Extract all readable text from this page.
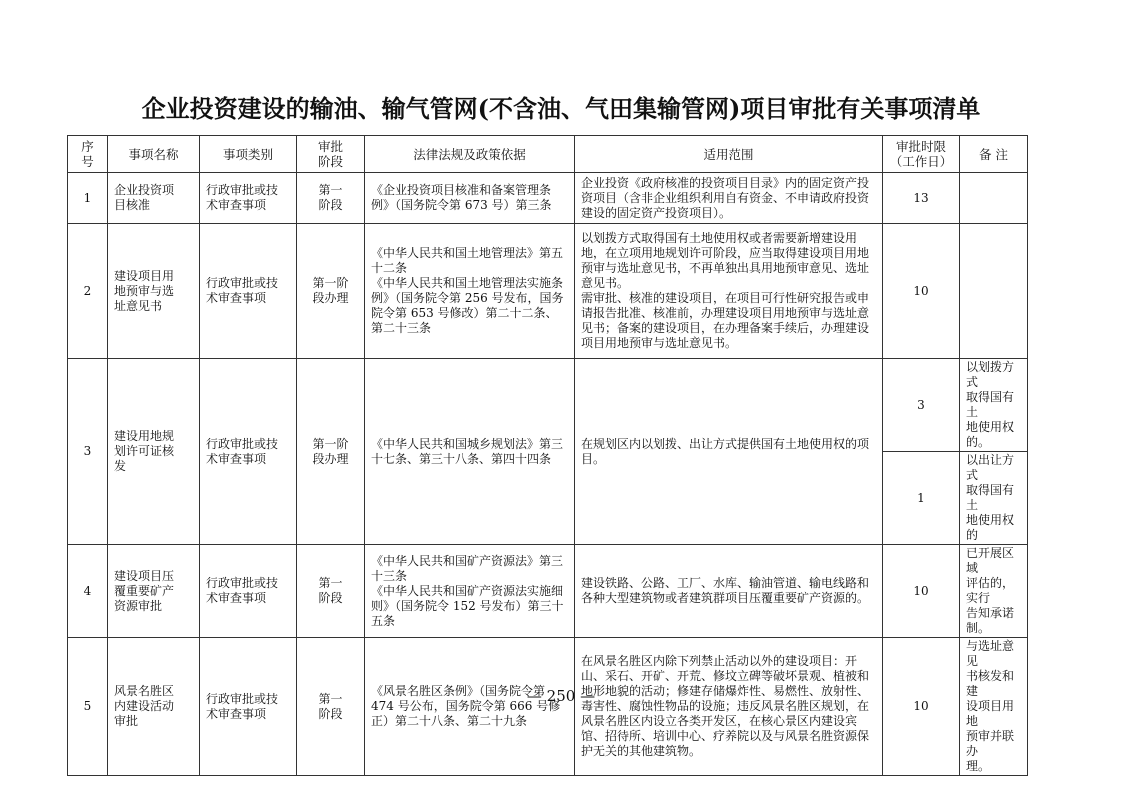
企业投资建设的输油、输气管网(不含油、气田集输管网)项目审批有关事项清单
序
号	事项名称	事项类别	审批
阶段	法律法规及政策依据	适用范围	审批时限
（工作日）	备 注
1	企业投资项
目核准	行政审批或技
术审查事项	第一
阶段	《企业投资项目核准和备案管理条例》（国务院令第 673 号）第三条	企业投资《政府核准的投资项目目录》内的固定资产投资项目（含非企业组织利用自有资金、不申请政府投资建设的固定资产投资项目）。	13	
2	建设项目用
地预审与选
址意见书	行政审批或技
术审查事项	第一阶
段办理	《中华人民共和国土地管理法》第五十二条
《中华人民共和国土地管理法实施条例》（国务院令第 256 号发布，国务院令第 653 号修改）第二十二条、第二十三条	以划拨方式取得国有土地使用权或者需要新增建设用地，在立项用地规划许可阶段，应当取得建设项目用地预审与选址意见书，不再单独出具用地预审意见、选址意见书。
需审批、核准的建设项目，在项目可行性研究报告或申请报告批准、核准前，办理建设项目用地预审与选址意见书；备案的建设项目，在办理备案手续后，办理建设项目用地预审与选址意见书。	10	
3	建设用地规
划许可证核
发	行政审批或技
术审查事项	第一阶
段办理	《中华人民共和国城乡规划法》第三十七条、第三十八条、第四十四条	在规划区内以划拨、出让方式提供国有土地使用权的项目。	3	以划拨方式
取得国有土
地使用权的。
						1	以出让方式
取得国有土
地使用权的
4	建设项目压
覆重要矿产
资源审批	行政审批或技
术审查事项	第一
阶段	《中华人民共和国矿产资源法》第三十三条
《中华人民共和国矿产资源法实施细则》（国务院令 152 号发布）第三十五条	建设铁路、公路、工厂、水库、输油管道、输电线路和各种大型建筑物或者建筑群项目压覆重要矿产资源的。	10	已开展区域
评估的，实行
告知承诺制。
5	风景名胜区
内建设活动
审批	行政审批或技
术审查事项	第一
阶段	《风景名胜区条例》（国务院令第 474 号公布，国务院令第 666 号修正）第二十八条、第二十九条	在风景名胜区内除下列禁止活动以外的建设项目：开山、采石、开矿、开荒、修坟立碑等破坏景观、植被和地形地貌的活动；修建存储爆炸性、易燃性、放射性、毒害性、腐蚀性物品的设施；违反风景名胜区规划，在风景名胜区内设立各类开发区，在核心景区内建设宾馆、招待所、培训中心、疗养院以及与风景名胜资源保护无关的其他建筑物。	10	与选址意见
书核发和建
设项目用地
预审并联办
理。
— 250 —
